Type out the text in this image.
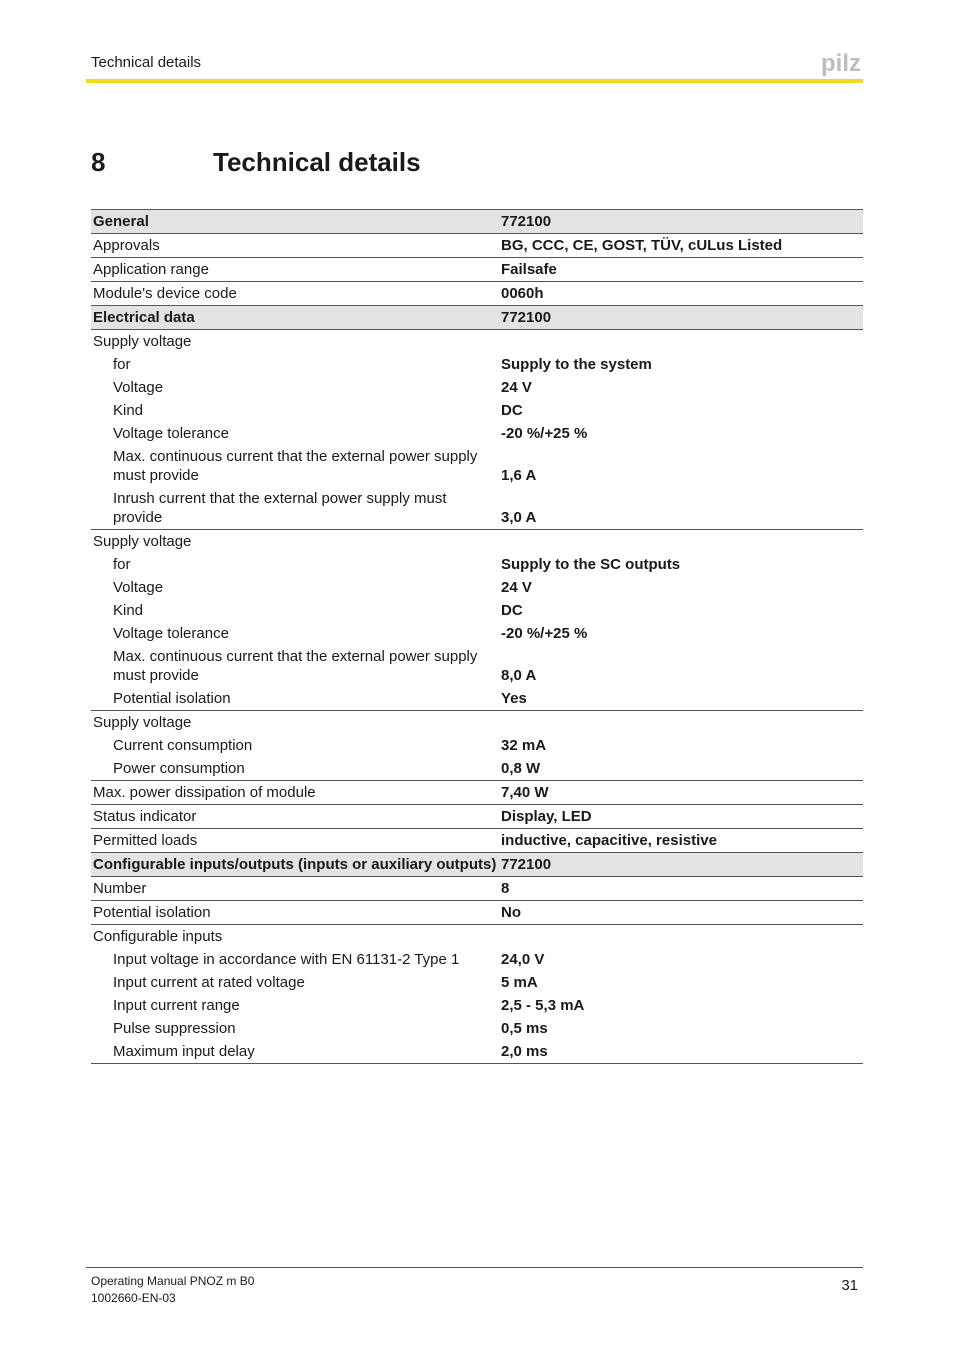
Technical details	pilz
8	Technical details
General	772100
Approvals	BG, CCC, CE, GOST, TÜV, cULus Listed
Application range	Failsafe
Module's device code	0060h
Electrical data	772100
Supply voltage	
for	Supply to the system
Voltage	24 V
Kind	DC
Voltage tolerance	-20 %/+25 %
Max. continuous current that the external power supply must provide	1,6 A
Inrush current that the external power supply must provide	3,0 A
Supply voltage	
for	Supply to the SC outputs
Voltage	24 V
Kind	DC
Voltage tolerance	-20 %/+25 %
Max. continuous current that the external power supply must provide	8,0 A
Potential isolation	Yes
Supply voltage	
Current consumption	32 mA
Power consumption	0,8 W
Max. power dissipation of module	7,40 W
Status indicator	Display, LED
Permitted loads	inductive, capacitive, resistive
Configurable inputs/outputs (inputs or auxiliary outputs)	772100
Number	8
Potential isolation	No
Configurable inputs	
Input voltage in accordance with EN 61131-2 Type 1	24,0 V
Input current at rated voltage	5 mA
Input current range	2,5 - 5,3 mA
Pulse suppression	0,5 ms
Maximum input delay	2,0 ms
Operating Manual PNOZ m B0
1002660-EN-03
31
